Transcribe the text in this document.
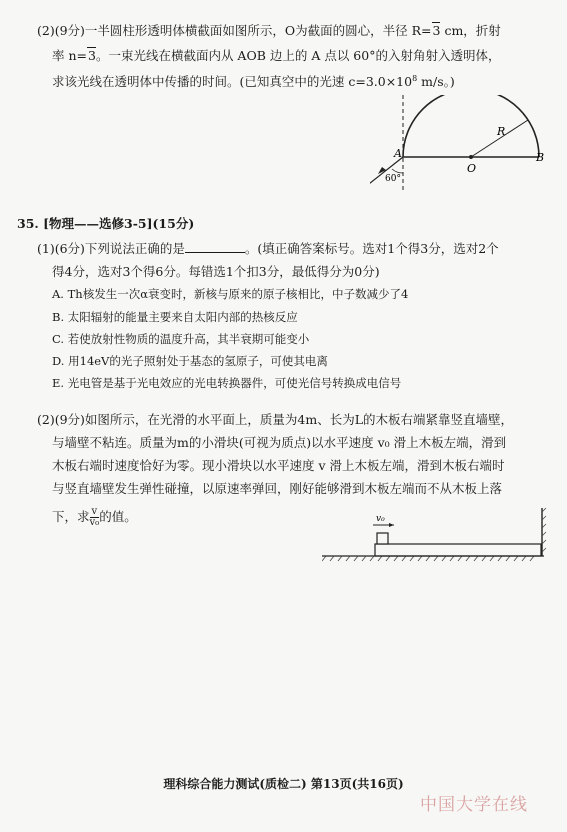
(2)(9分)一半圆柱形透明体横截面如图所示，O为截面的圆心，半径 R=3 cm，折射
率 n=3。一束光线在横截面内从 AOB 边上的 A 点以 60°的入射角射入透明体，
求该光线在透明体中传播的时间。(已知真空中的光速 $c=3.0\times 10^8$ m/s。)
A
O
B
R
60°
35. [物理——选修3-5](15分)
(1)(6分)下列说法正确的是	。(填正确答案标号。选对1个得3分，选对2个
得4分，选对3个得6分。每错选1个扣3分，最低得分为0分)
A. Th核发生一次α衰变时，新核与原来的原子核相比，中子数减少了4
B. 太阳辐射的能量主要来自太阳内部的热核反应
C. 若使放射性物质的温度升高，其半衰期可能变小
D. 用14eV的光子照射处于基态的氢原子，可使其电离
E. 光电管是基于光电效应的光电转换器件，可使光信号转换成电信号
(2)(9分)如图所示，在光滑的水平面上，质量为4m、长为L的木板右端紧靠竖直墙壁，
与墙壁不粘连。质量为m的小滑块(可视为质点)以水平速度 v₀ 滑上木板左端，滑到
木板右端时速度恰好为零。现小滑块以水平速度 v 滑上木板左端，滑到木板右端时
与竖直墙壁发生弹性碰撞，以原速率弹回，刚好能够滑到木板左端而不从木板上落
下，求 $\frac{v}{\text{v₀}}$ 的值。	v₀
理科综合能力测试(质检二) 第13页(共16页)
中国大学在线
